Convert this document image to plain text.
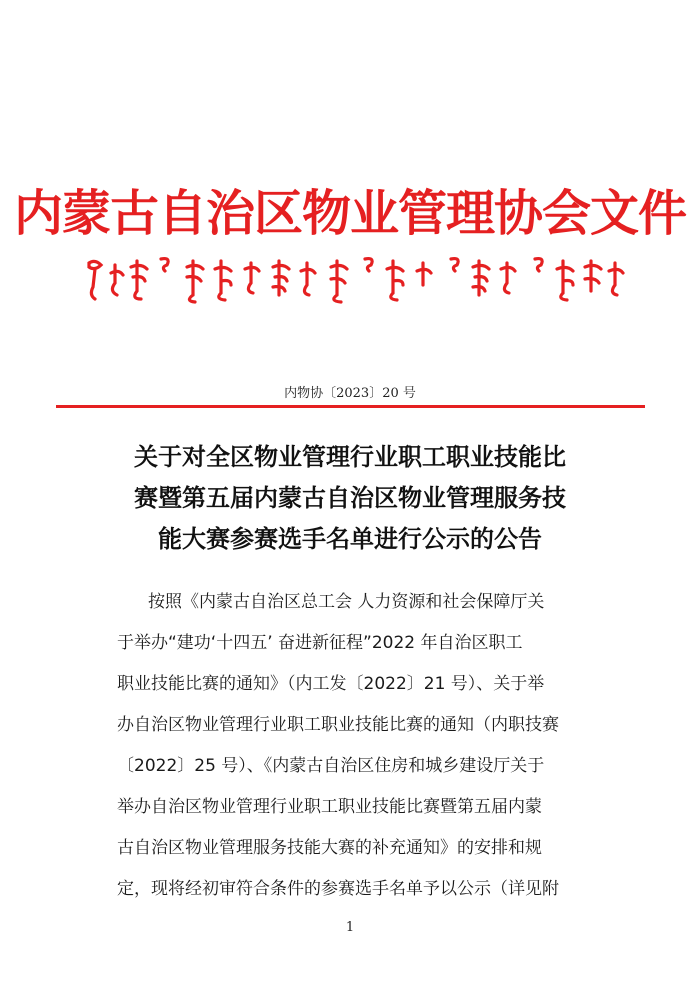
内蒙古自治区物业管理协会文件
内物协〔2023〕20 号
关于对全区物业管理行业职工职业技能比
赛暨第五届内蒙古自治区物业管理服务技
能大赛参赛选手名单进行公示的公告
按照《内蒙古自治区总工会 人力资源和社会保障厅关
于举办“建功‘十四五’ 奋进新征程”2022 年自治区职工
职业技能比赛的通知》（内工发〔2022〕21 号）、关于举
办自治区物业管理行业职工职业技能比赛的通知（内职技赛
〔2022〕25 号）、《内蒙古自治区住房和城乡建设厅关于
举办自治区物业管理行业职工职业技能比赛暨第五届内蒙
古自治区物业管理服务技能大赛的补充通知》的安排和规
定，现将经初审符合条件的参赛选手名单予以公示（详见附
1
